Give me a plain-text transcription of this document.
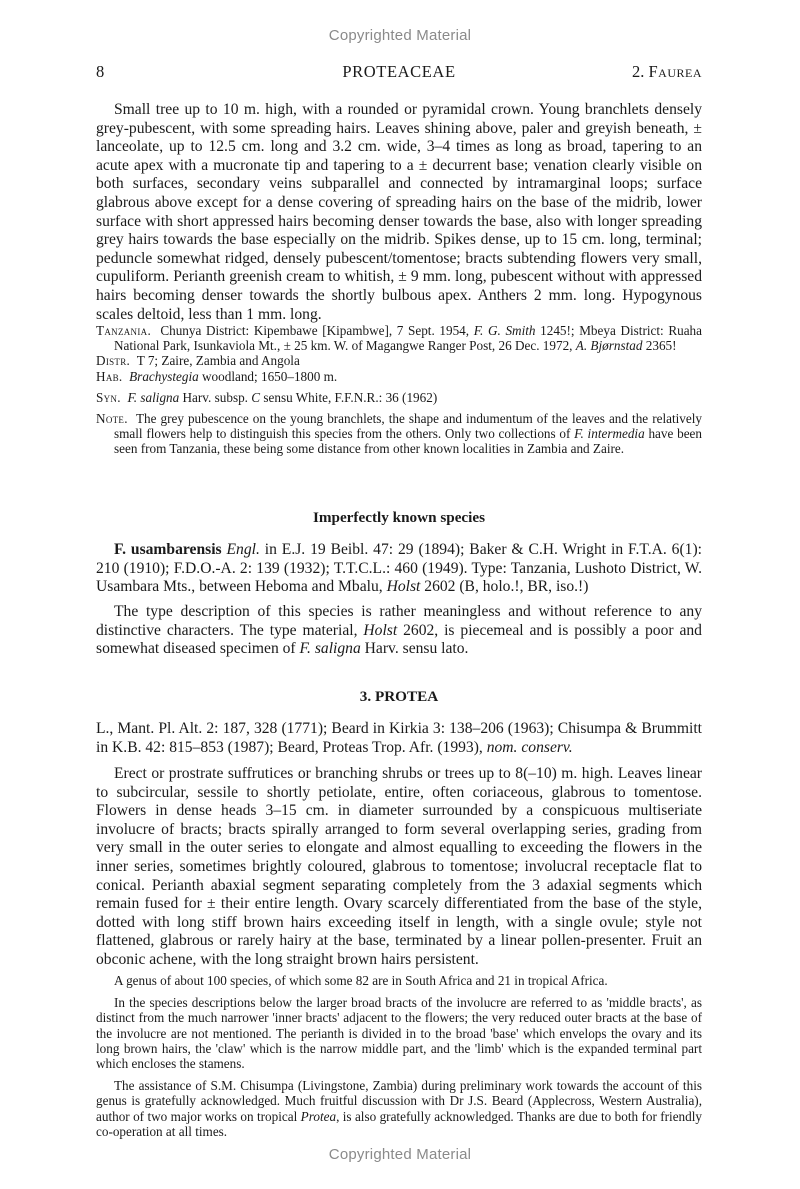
Copyrighted Material
8	PROTEACEAE	2. Faurea

Small tree up to 10 m. high, with a rounded or pyramidal crown. Young branchlets densely grey-pubescent, with some spreading hairs. Leaves shining above, paler and greyish beneath, ± lanceolate, up to 12.5 cm. long and 3.2 cm. wide, 3–4 times as long as broad, tapering to an acute apex with a mucronate tip and tapering to a ± decurrent base; venation clearly visible on both surfaces, secondary veins subparallel and connected by intramarginal loops; surface glabrous above except for a dense covering of spreading hairs on the base of the midrib, lower surface with short appressed hairs becoming denser towards the base, also with longer spreading grey hairs towards the base especially on the midrib. Spikes dense, up to 15 cm. long, terminal; peduncle somewhat ridged, densely pubescent/tomentose; bracts subtending flowers very small, cupuliform. Perianth greenish cream to whitish, ± 9 mm. long, pubescent without with appressed hairs becoming denser towards the shortly bulbous apex. Anthers 2 mm. long. Hypogynous scales deltoid, less than 1 mm. long.

Tanzania. Chunya District: Kipembawe [Kipambwe], 7 Sept. 1954, F. G. Smith 1245!; Mbeya District: Ruaha National Park, Isunkaviola Mt., ± 25 km. W. of Magangwe Ranger Post, 26 Dec. 1972, A. Bjørnstad 2365!

Distr. T 7; Zaire, Zambia and Angola

Hab. Brachystegia woodland; 1650–1800 m.

Syn. F. saligna Harv. subsp. C sensu White, F.F.N.R.: 36 (1962)

Note. The grey pubescence on the young branchlets, the shape and indumentum of the leaves and the relatively small flowers help to distinguish this species from the others. Only two collections of F. intermedia have been seen from Tanzania, these being some distance from other known localities in Zambia and Zaire.

Imperfectly known species

F. usambarensis Engl. in E.J. 19 Beibl. 47: 29 (1894); Baker & C.H. Wright in F.T.A. 6(1): 210 (1910); F.D.O.-A. 2: 139 (1932); T.T.C.L.: 460 (1949). Type: Tanzania, Lushoto District, W. Usambara Mts., between Heboma and Mbalu, Holst 2602 (B, holo.!, BR, iso.!)

The type description of this species is rather meaningless and without reference to any distinctive characters. The type material, Holst 2602, is piecemeal and is possibly a poor and somewhat diseased specimen of F. saligna Harv. sensu lato.

3. PROTEA

L., Mant. Pl. Alt. 2: 187, 328 (1771); Beard in Kirkia 3: 138–206 (1963); Chisumpa & Brummitt in K.B. 42: 815–853 (1987); Beard, Proteas Trop. Afr. (1993), nom. conserv.

Erect or prostrate suffrutices or branching shrubs or trees up to 8(–10) m. high. Leaves linear to subcircular, sessile to shortly petiolate, entire, often coriaceous, glabrous to tomentose. Flowers in dense heads 3–15 cm. in diameter surrounded by a conspicuous multiseriate involucre of bracts; bracts spirally arranged to form several overlapping series, grading from very small in the outer series to elongate and almost equalling to exceeding the flowers in the inner series, sometimes brightly coloured, glabrous to tomentose; involucral receptacle flat to conical. Perianth abaxial segment separating completely from the 3 adaxial segments which remain fused for ± their entire length. Ovary scarcely differentiated from the base of the style, dotted with long stiff brown hairs exceeding itself in length, with a single ovule; style not flattened, glabrous or rarely hairy at the base, terminated by a linear pollen-presenter. Fruit an obconic achene, with the long straight brown hairs persistent.

A genus of about 100 species, of which some 82 are in South Africa and 21 in tropical Africa.

In the species descriptions below the larger broad bracts of the involucre are referred to as 'middle bracts', as distinct from the much narrower 'inner bracts' adjacent to the flowers; the very reduced outer bracts at the base of the involucre are not mentioned. The perianth is divided in to the broad 'base' which envelops the ovary and its long brown hairs, the 'claw' which is the narrow middle part, and the 'limb' which is the expanded terminal part which encloses the stamens.

The assistance of S.M. Chisumpa (Livingstone, Zambia) during preliminary work towards the account of this genus is gratefully acknowledged. Much fruitful discussion with Dr J.S. Beard (Applecross, Western Australia), author of two major works on tropical Protea, is also gratefully acknowledged. Thanks are due to both for friendly co-operation at all times.

Copyrighted Material
